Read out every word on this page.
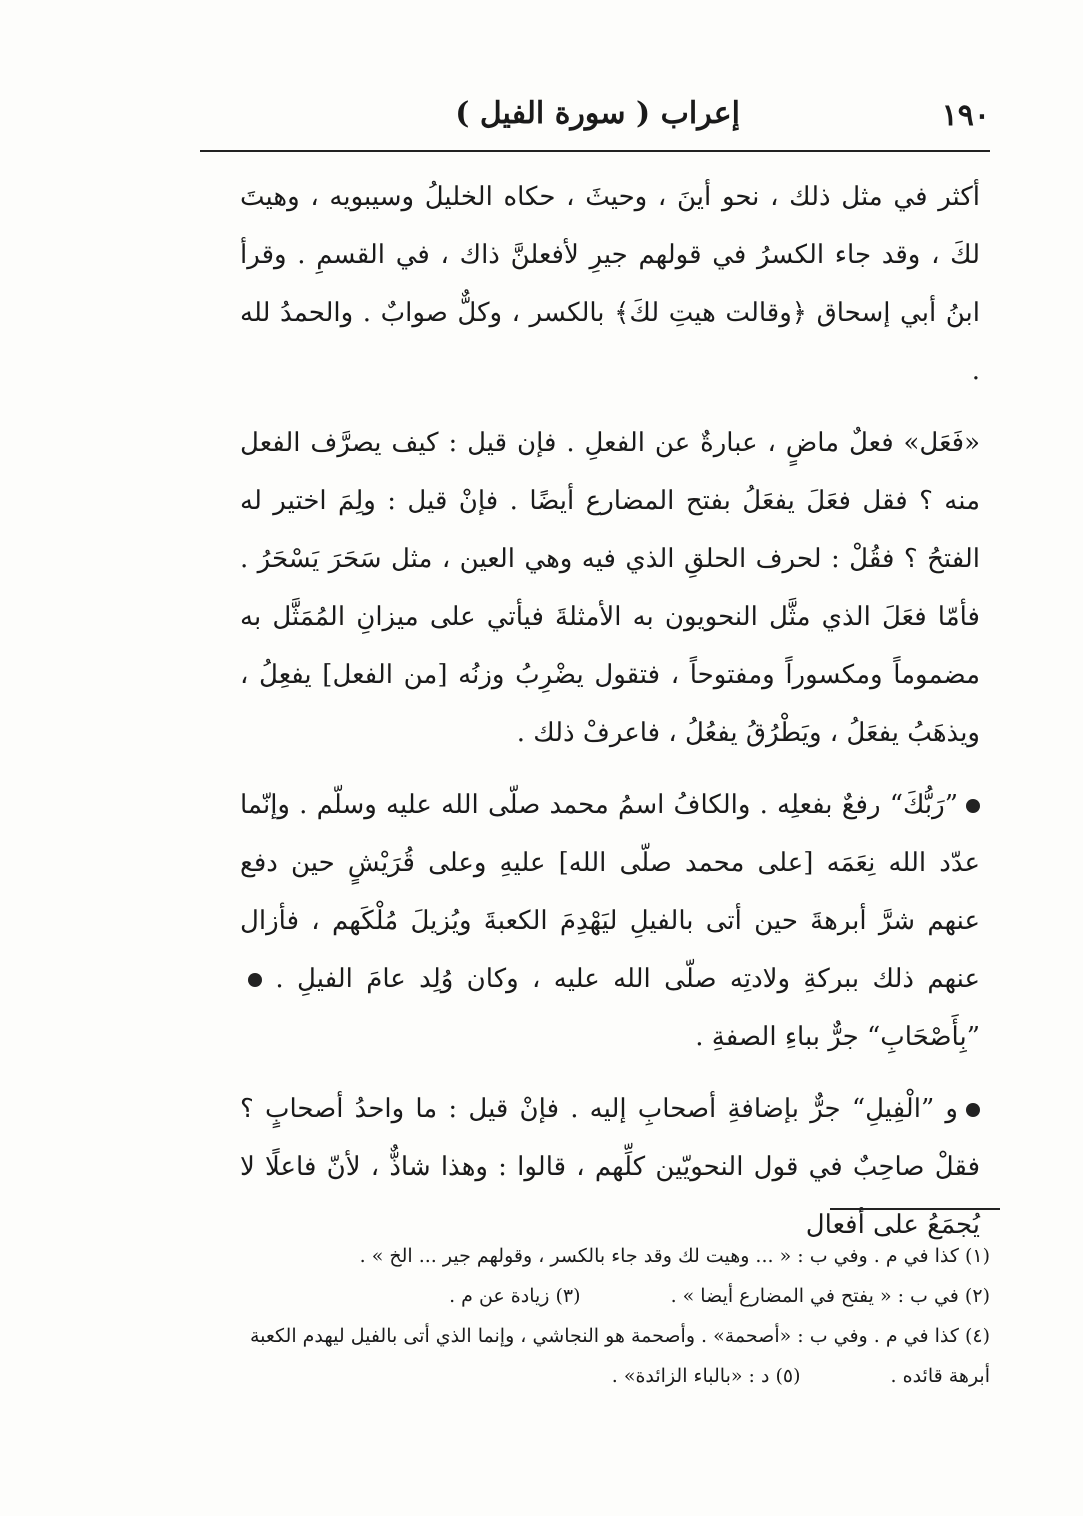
١٩٠
إعراب ( سورة الفيل )

أكثر في مثل ذلك ، نحو أينَ ، وحيثَ ، حكاه الخليلُ وسيبويه ، وهيتَ لكَ ، وقد جاء الكسرُ في قولهم جيرِ لأفعلنَّ ذاك ، في القسمِ . وقرأ ابنُ أبي إسحاق ﴿وقالت هيتِ لكَ﴾ بالكسر ، وكلٌّ صوابٌ . والحمدُ لله .

«فَعَل» فعلٌ ماضٍ ، عبارةٌ عن الفعلِ . فإن قيل : كيف يصرَّف الفعل منه ؟ فقل فعَلَ يفعَلُ بفتح المضارع أيضًا . فإنْ قيل : ولِمَ اختير له الفتحُ ؟ فقُلْ : لحرف الحلقِ الذي فيه وهي العين ، مثل سَحَرَ يَسْحَرُ . فأمّا فعَلَ الذي مثَّل النحويون به الأمثلةَ فيأتي على ميزانِ المُمَثَّل به مضموماً ومكسوراً ومفتوحاً ، فتقول يضْرِبُ وزنُه [من الفعل] يفعِلُ ، ويذهَبُ يفعَلُ ، ويَطْرُقُ يفعُلُ ، فاعرفْ ذلك .

”رَبُّكَ“ رفعٌ بفعلِه . والكافُ اسمُ محمد صلّى الله عليه وسلّم . وإنّما عدّد الله نِعَمَه [على محمد صلّى الله] عليهِ وعلى قُرَيْشٍ حين دفع عنهم شرَّ أبرهةَ حين أتى بالفيلِ ليَهْدِمَ الكعبةَ ويُزيلَ مُلْكَهم ، فأزال عنهم ذلك ببركةِ ولادتِه صلّى الله عليه ، وكان وُلِد عامَ الفيلِ . ”بِأَصْحَابِ“ جرٌّ بباءِ الصفةِ .

و ”الْفِيلِ“ جرٌّ بإضافةِ أصحابِ إليه . فإنْ قيل : ما واحدُ أصحابٍ ؟ فقلْ صاحِبٌ في قول النحويّين كلِّهم ، قالوا : وهذا شاذٌّ ، لأنّ فاعلًا لا يُجمَعُ على أفعال

(١) كذا في م . وفي ب : « ... وهيت لك وقد جاء بالكسر ، وقولهم جير ... الخ » .

(٢) في ب : « يفتح في المضارع أيضا » .

(٣) زيادة عن م .

(٤) كذا في م . وفي ب : «أصحمة» . وأصحمة هو النجاشي ، وإنما الذي أتى بالفيل ليهدم الكعبة

أبرهة قائده .

(٥) د : «بالباء الزائدة» .
